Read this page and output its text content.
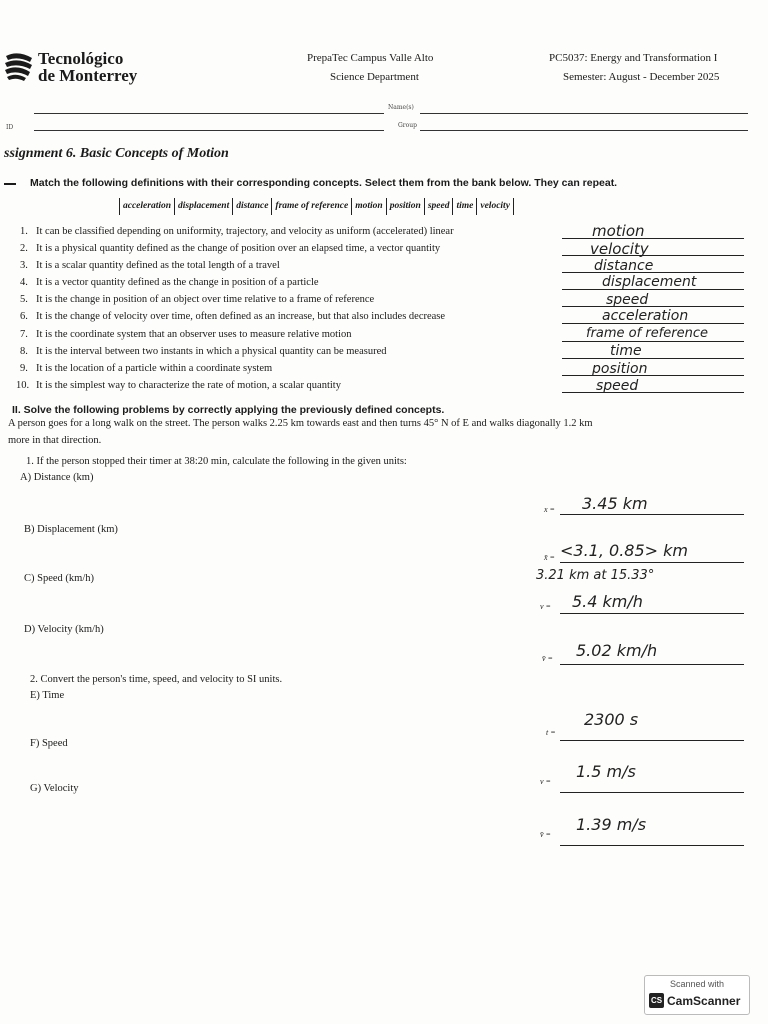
Tecnológico
de Monterrey
PrepaTec Campus Valle Alto
Science Department
PC5037: Energy and Transformation I
Semester: August - December 2025
Name(s)
ID	Group
ssignment 6. Basic Concepts of Motion
Match the following definitions with their corresponding concepts. Select them from the bank below. They can repeat.
acceleration displacement distance frame of reference motion position speed time velocity
1. It can be classified depending on uniformity, trajectory, and velocity as uniform (accelerated) linear
2. It is a physical quantity defined as the change of position over an elapsed time, a vector quantity
3. It is a scalar quantity defined as the total length of a travel
4. It is a vector quantity defined as the change in position of a particle
5. It is the change in position of an object over time relative to a frame of reference
6. It is the change of velocity over time, often defined as an increase, but that also includes decrease
7. It is the coordinate system that an observer uses to measure relative motion
8. It is the interval between two instants in which a physical quantity can be measured
9. It is the location of a particle within a coordinate system
10. It is the simplest way to characterize the rate of motion, a scalar quantity
motion
velocity
distance
displacement
speed
acceleration
frame of reference
time
position
speed
II. Solve the following problems by correctly applying the previously defined concepts.
A person goes for a long walk on the street. The person walks 2.25 km towards east and then turns 45° N of E and walks diagonally 1.2 km
more in that direction.
1. If the person stopped their timer at 38:20 min, calculate the following in the given units:
A) Distance (km)
B) Displacement (km)
C) Speed (km/h)
D) Velocity (km/h)
2. Convert the person's time, speed, and velocity to SI units.
E) Time
F) Speed
G) Velocity
x =
x̄ =
v =
v̄ =
t =
v =
v̄ =
3.45 km
<3.1, 0.85> km
3.21 km at 15.33°
5.4 km/h
5.02 km/h
2300 s
1.5 m/s
1.39 m/s
Scanned with
CS CamScanner
